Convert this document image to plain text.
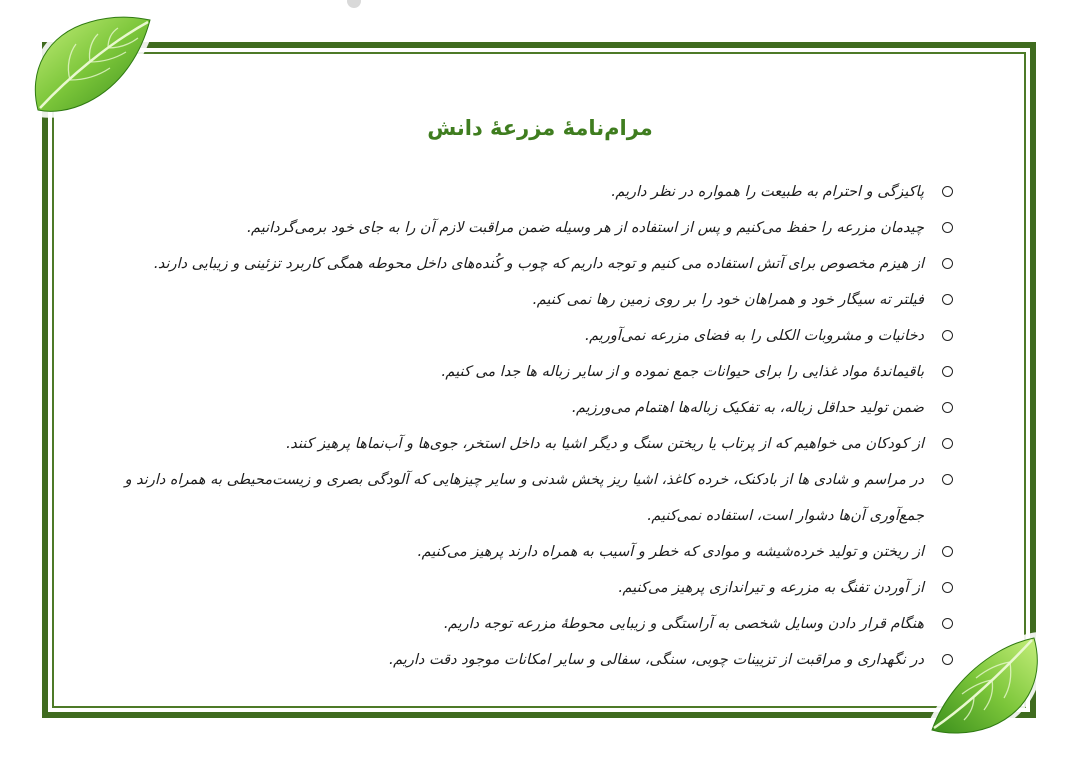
مرام‌نامهٔ مزرعهٔ دانش
پاکیزگی و احترام به طبیعت را همواره در نظر داریم.
چیدمان مزرعه را حفظ می‌کنیم و پس از استفاده از هر وسیله ضمن مراقبت لازم آن را به جای خود برمی‌گردانیم.
از هیزم مخصوص برای آتش استفاده می کنیم و توجه داریم که چوب و کُنده‌های داخل محوطه همگی کاربرد تزئینی و زیبایی دارند.
فیلتر ته سیگار خود و همراهان خود را بر روی زمین رها نمی کنیم.
دخانیات و مشروبات الکلی را به فضای مزرعه نمی‌آوریم.
باقیماندهٔ مواد غذایی را برای حیوانات جمع نموده و از سایر زباله ها جدا می کنیم.
ضمن تولید حداقل زباله، به تفکیک زباله‌ها اهتمام می‌ورزیم.
از کودکان می خواهیم که از پرتاب یا ریختن سنگ و دیگر اشیا به داخل استخر، جوی‌ها و آب‌نماها پرهیز کنند.
در مراسم و شادی ها از بادکنک، خرده کاغذ، اشیا ریز پخش شدنی و سایر چیزهایی که آلودگی بصری و زیست‌محیطی به همراه دارند و جمع‌آوری آن‌ها دشوار است، استفاده نمی‌کنیم.
از ریختن و تولید خرده‌شیشه و موادی که خطر و آسیب به همراه دارند پرهیز می‌کنیم.
از آوردن تفنگ به مزرعه و تیراندازی پرهیز می‌کنیم.
هنگام قرار دادن وسایل شخصی به آراستگی و زیبایی محوطهٔ مزرعه توجه داریم.
در نگهداری و مراقبت از تزیینات چوبی، سنگی، سفالی و سایر امکانات موجود دقت داریم.
